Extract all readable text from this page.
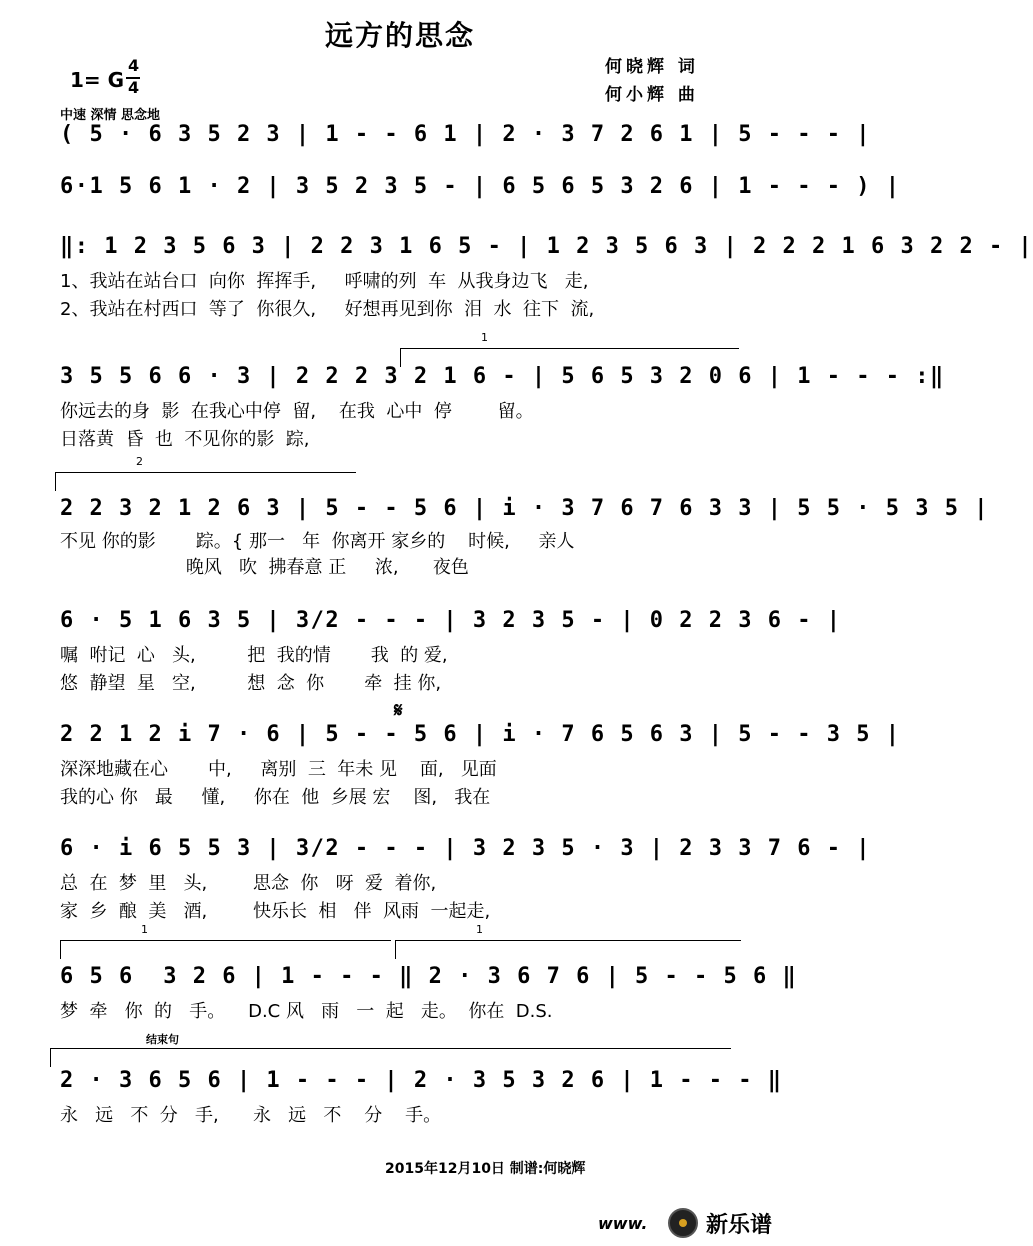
远方的思念
何晓辉 词
何小辉 曲
1= G
4
4
中速 深情 思念地
( 5 · 6 3 5 2 3 | 1 - - 6 1 | 2 · 3 7 2 6 1 | 5 - - - |
6·1 5 6 1 · 2 | 3 5 2 3 5 - | 6 5 6 5 3 2 6 | 1 - - - ) |
‖: 1 2 3 5 6 3 | 2 2 3 1 6 5 - | 1 2 3 5 6 3 | 2 2 2 1 6 3 2 2 - |
1、我站在站台口  向你  挥挥手,     呼啸的列  车  从我身边飞   走,
2、我站在村西口  等了  你很久,     好想再见到你  泪  水  往下  流,
1
3 5 5 6 6 · 3 | 2 2 2 3 2 1 6 - | 5 6 5 3 2 0 6 | 1 - - - :‖
你远去的身  影  在我心中停  留,    在我  心中  停        留。
日落黄  昏  也  不见你的影  踪,
2
2 2 3 2 1 2 6 3 | 5 - - 5 6 | i · 3 7 6 7 6 3 3 | 5 5 · 5 3 5 |
不见 你的影       踪。{ 那一   年  你离开 家乡的    时候,     亲人
晚风   吹  拂春意 正     浓,      夜色
6 · 5 1 6 3 5 | 3/2 - - - | 3 2 3 5 - | 0 2 2 3 6 - |
嘱  咐记  心   头,         把  我的情       我  的 爱,
悠  静望  星   空,         想  念  你       牵  挂 你,
𝄋
2 2 1 2 i 7 · 6 | 5 - - 5 6 | i · 7 6 5 6 3 | 5 - - 3 5 |
深深地藏在心       中,     离别  三  年未 见    面,   见面
我的心 你   最     懂,     你在  他  乡展 宏    图,   我在
6 · i 6 5 5 3 | 3/2 - - - | 3 2 3 5 · 3 | 2 3 3 7 6 - |
总  在  梦  里   头,        思念  你   呀  爱  着你,
家  乡  酿  美   酒,        快乐长  相   伴  风雨  一起走,
1	1
6 5 6  3 2 6 | 1 - - - ‖ 2 · 3 6 7 6 | 5 - - 5 6 ‖
梦  牵   你  的   手。    D.C 风   雨   一  起   走。  你在  D.S.
结束句
2 · 3 6 5 6 | 1 - - - | 2 · 3 5 3 2 6 | 1 - - - ‖
永   远   不  分   手,      永   远   不    分    手。
2015年12月10日 制谱:何晓辉
www.	新乐谱
